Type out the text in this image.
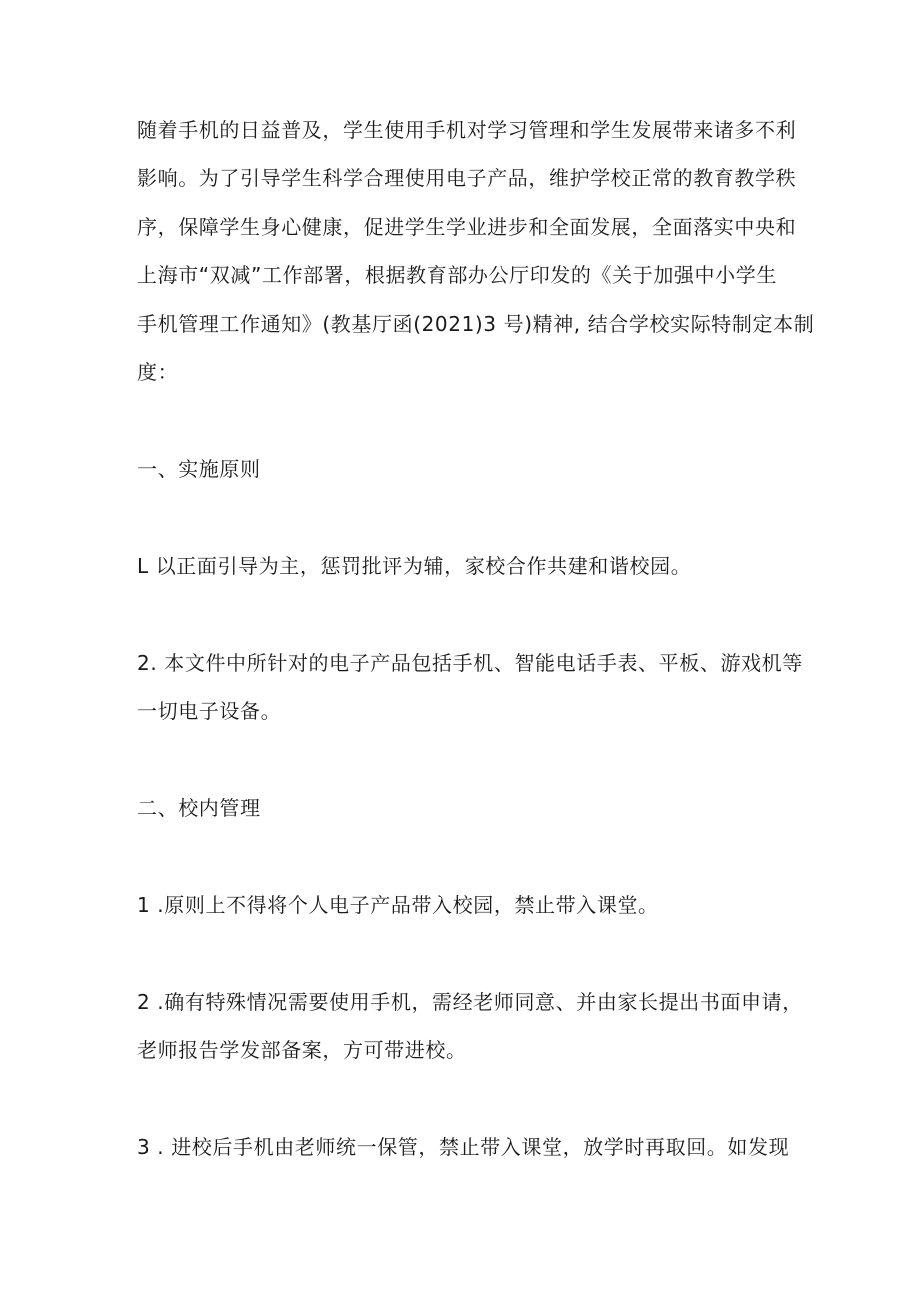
随着手机的日益普及，学生使用手机对学习管理和学生发展带来诸多不利
影响。为了引导学生科学合理使用电子产品，维护学校正常的教育教学秩
序，保障学生身心健康，促进学生学业进步和全面发展，全面落实中央和
上海市“双减”工作部署，根据教育部办公厅印发的《关于加强中小学生
手机管理工作通知》(教基厅函(2021)3 号)精神, 结合学校实际特制定本制
度：
一、实施原则
L 以正面引导为主，惩罚批评为辅，家校合作共建和谐校园。
2. 本文件中所针对的电子产品包括手机、智能电话手表、平板、游戏机等
一切电子设备。
二、校内管理
1 .原则上不得将个人电子产品带入校园，禁止带入课堂。
2 .确有特殊情况需要使用手机，需经老师同意、并由家长提出书面申请，
老师报告学发部备案，方可带进校。
3 . 进校后手机由老师统一保管，禁止带入课堂，放学时再取回。如发现
